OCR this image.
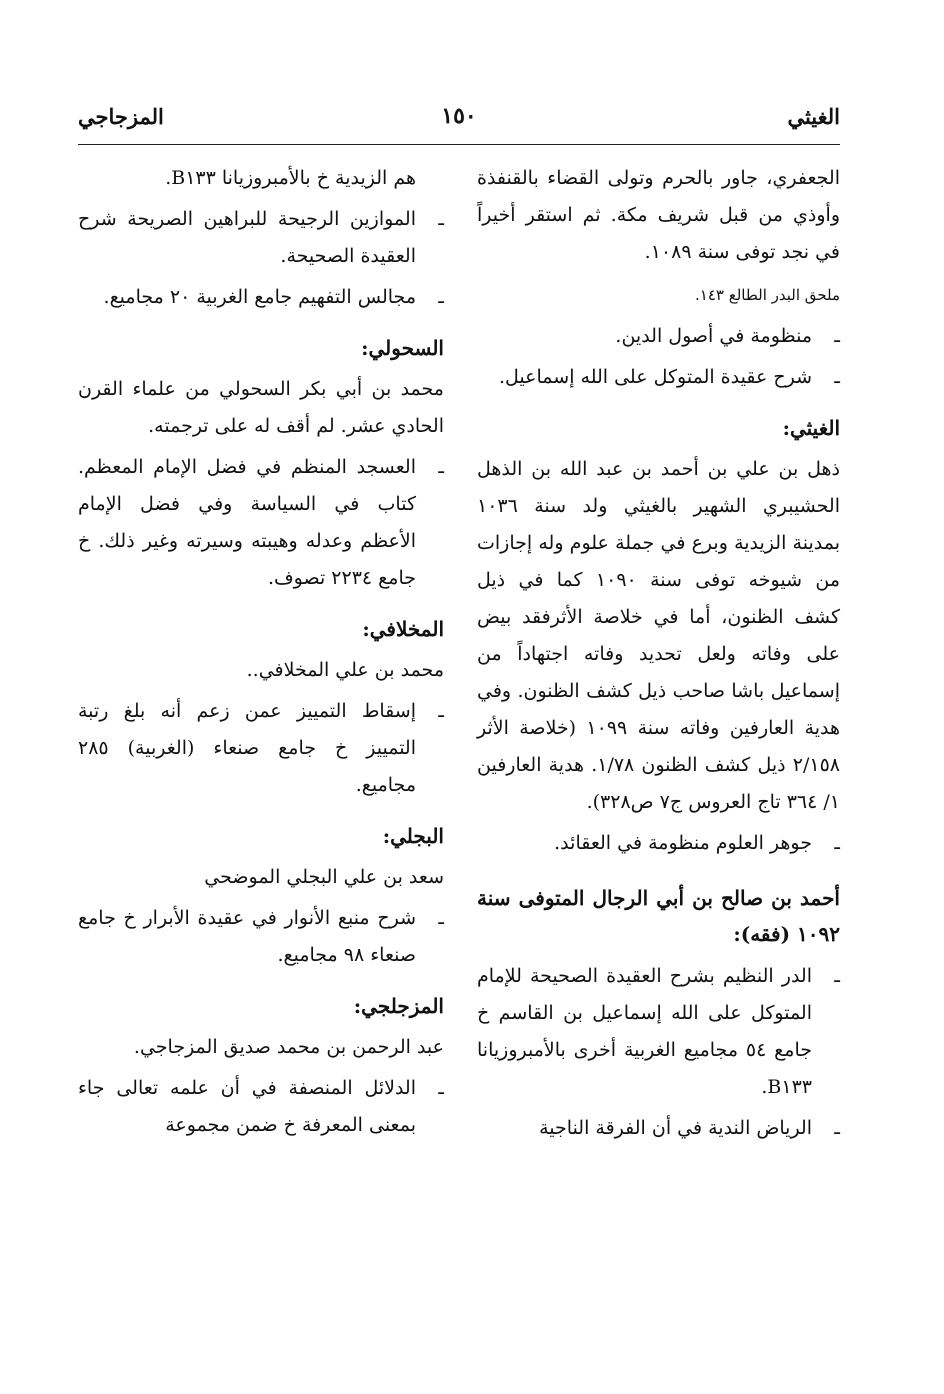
الغيثي
١٥٠
المزجاجي

الجعفري، جاور بالحرم وتولى القضاء بالقنفذة وأوذي من قبل شريف مكة. ثم استقر أخيراً في نجد توفى سنة ١٠٨٩.

ملحق البدر الطالع ١٤٣.

ـ
منظومة في أصول الدين.
ـ
شرح عقيدة المتوكل على الله إسماعيل.
الغيثي:

ذهل بن علي بن أحمد بن عبد الله بن الذهل الحشيبري الشهير بالغيثي ولد سنة ١٠٣٦ بمدينة الزيدية وبرع في جملة علوم وله إجازات من شيوخه توفى سنة ١٠٩٠ كما في ذيل كشف الظنون، أما في خلاصة الأثرفقد بيض على وفاته ولعل تحديد وفاته اجتهاداً من إسماعيل باشا صاحب ذيل كشف الظنون. وفي هدية العارفين وفاته سنة ١٠٩٩ (خلاصة الأثر ٢/١٥٨ ذيل كشف الظنون ١/٧٨. هدية العارفين ١/ ٣٦٤ تاج العروس ج٧ ص٣٢٨).

ـ
جوهر العلوم منظومة في العقائد.
أحمد بن صالح بن أبي الرجال المتوفى سنة ١٠٩٢ (فقه):
ـ
الدر النظيم بشرح العقيدة الصحيحة للإمام المتوكل على الله إسماعيل بن القاسم خ جامع ٥٤ مجاميع الغربية أخرى بالأمبروزيانا B١٣٣.
ـ
الرياض الندية في أن الفرقة الناجية

هم الزيدية خ بالأمبروزيانا B١٣٣.

ـ
الموازين الرجيحة للبراهين الصريحة شرح العقيدة الصحيحة.
ـ
مجالس التفهيم جامع الغربية ٢٠ مجاميع.
السحولي:

محمد بن أبي بكر السحولي من علماء القرن الحادي عشر. لم أقف له على ترجمته.

ـ
العسجد المنظم في فضل الإمام المعظم. كتاب في السياسة وفي فضل الإمام الأعظم وعدله وهيبته وسيرته وغير ذلك. خ جامع ٢٢٣٤ تصوف.
المخلافي:

محمد بن علي المخلافي..

ـ
إسقاط التمييز عمن زعم أنه بلغ رتبة التمييز خ جامع صنعاء (الغربية) ٢٨٥ مجاميع.
البجلي:

سعد بن علي البجلي الموضحي

ـ
شرح منبع الأنوار في عقيدة الأبرار خ جامع صنعاء ٩٨ مجاميع.
المزجلجي:

عبد الرحمن بن محمد صديق المزجاجي.

ـ
الدلائل المنصفة في أن علمه تعالى جاء بمعنى المعرفة خ ضمن مجموعة
